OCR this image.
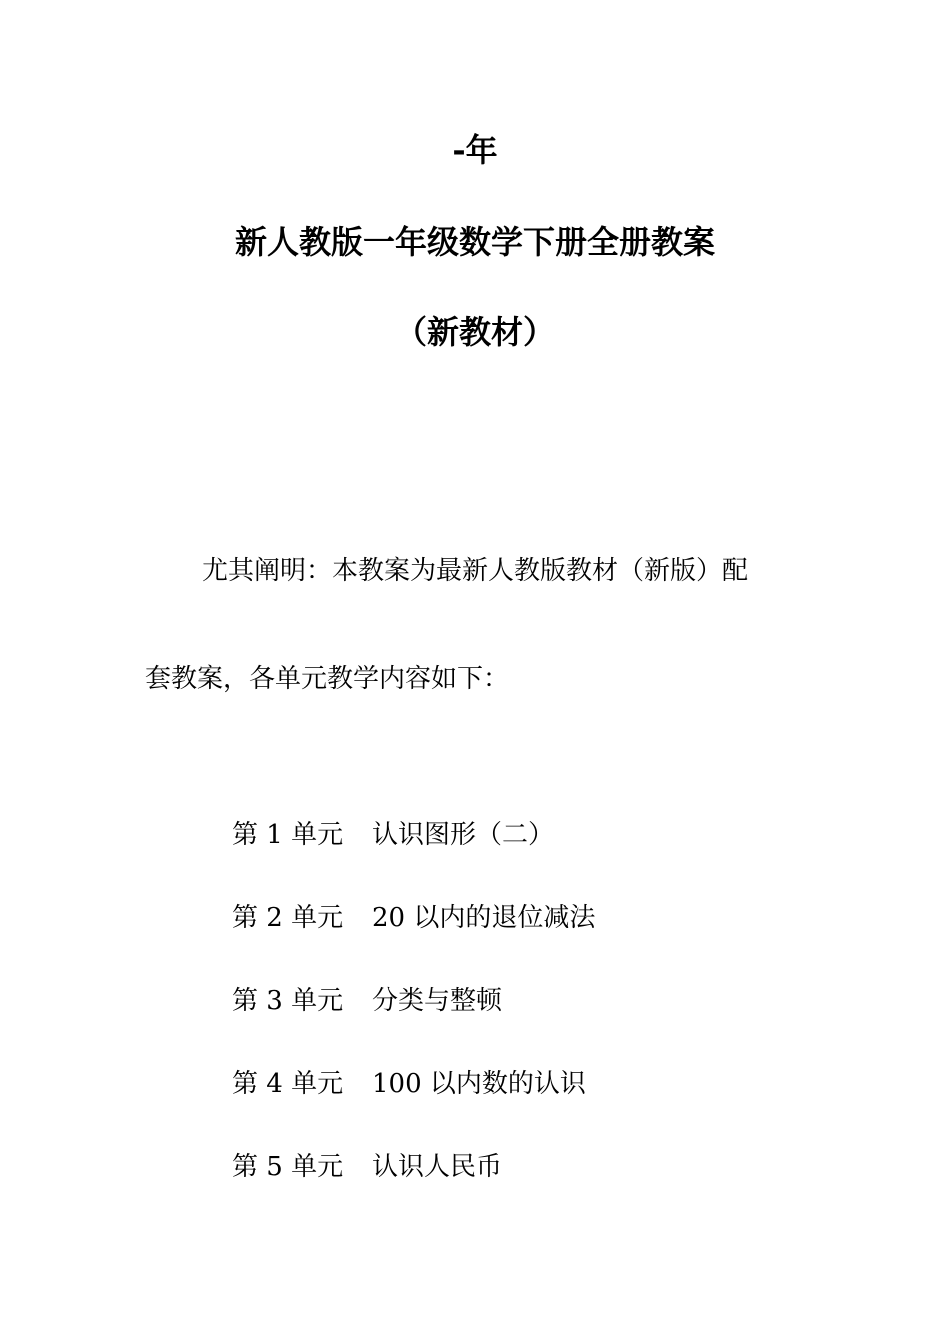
-年
新人教版一年级数学下册全册教案
（新教材）
尤其阐明：本教案为最新人教版教材（新版）配
套教案，各单元教学内容如下：
第 1 单元 认识图形（二）
第 2 单元 20 以内的退位减法
第 3 单元 分类与整顿
第 4 单元 100 以内数的认识
第 5 单元 认识人民币
